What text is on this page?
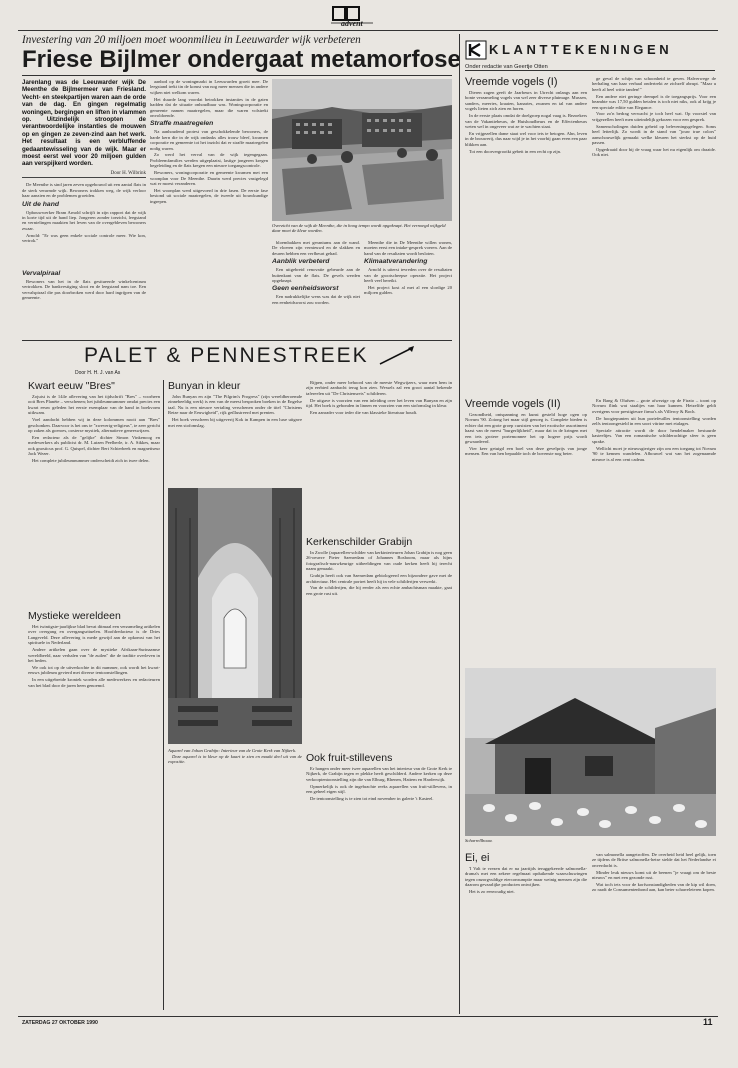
advent
Investering van 20 miljoen moet woonmilieu in Leeuwarder wijk verbeteren
Friese Bijlmer ondergaat metamorfose
Jarenlang was de Leeuwarder wijk De Meenthe de Bijlmermeer van Friesland. Vecht- en steekpartijen waren aan de orde van de dag. En gingen regelmatig woningen, bergingen en liften in vlammen op. Uitzindelijk stroopten de verantwoordelijke instanties de mouwen op en gingen ze zeven-zind aan het werk. Het resultaat is een verbluffende gedaantewisseling van de wijk. Maar er moest eerst wel voor 20 miljoen gulden aan verspijkerd worden.
Door H. Wilbrink

De Meenthe is sind jaren zeven opgebouwd uit een aantal flats in de sterk verarmde wijk. Bewoners trokken weg, de wijk verloor haar aanzien en de problemen groeiden.

Uit de hand

Opbouwwerker Bram Arnold schrijft in zijn rapport dat de wijk in korte tijd uit de hand liep. Jongeren zonder toezicht, leegstand en vernielingen maakten het leven van de overgebleven bewoners zwaar.

Arnold: "Er was geen enkele sociale controle meer. Wie kon, vertrok."

Vervalpiraal

Bewoners van het in de flats gesitueerde winkelcentrum vertrokken. De bankvestiging sloot en de leegstand nam toe. Een vervalspiraal die pas doorbroken werd door hard ingrijpen van de gemeente.

aanbod op de woningmarkt in Leeuwarden groeit mee. De leegstand trekt tin de komst van nog meer mensen die in andere wijken niet welkom waren.

Het duurde lang voordat betrokken instanties in de gaten hadden dat de situatie onhoudbaar was. Woningcorporatie en gemeente namen maatregelen, maar die waren volstrekt onvoldoende.

Straffe maatregelen

Na aanhoudend protest van geschokkelende bewoners, de harde kern die in de wijk ondanks alles trouw bleef, kwamen corporatie en gemeente tot het inzicht dat er straffe maatregelen nodig waren.

Zo werd het verval van de wijk tegengegaan. Probleemfamilies werden uitgeplaatst, lastige jongeren kregen begeleiding en de flats kregen een nieuwe toegangscontrole.

Bewoners, woningcorporatie en gemeente kwamen met een woonplan voor De Meenthe. Daarin werd precies vastgelegd wat er moest veranderen.

Het woonplan werd uitgevoerd in drie fasen. De eerste fase bestond uit sociale maatregelen, de tweede uit bouwkundige ingrepen.

Overzicht van de wijk de Meenthe, die in hoog tempo wordt opgeknapt. Het vernoegd wijkgeld daar moet de kleur worden.

bloembakken met geraniums aan de wand. De vloeren zijn vernieuwd en de slakken en deuren hebben een verfbeurt gehad.

Aanblik verbeterd

Een uitgebreid renovatie gebeurde aan de buitenkant van de flats. De gevels werden opgeknapt.

Geen eenheidsworst

Een nadrukkelijke wens was dat de wijk niet een eenheidsworst zou worden.

Meenthe die in De Meenthe willen wonen, moeten eerst een intake-gesprek voeren. Aan de hand van de resultaten wordt besloten.

Klimaatverandering

Arnold is uiterst tevreden over de resultaten van de grootscheepse operatie. Het project heeft veel bereikt.

Het project kost al met al een slordige 20 miljoen gulden.

KLANTTEKENINGEN
Onder redactie van Geertje Otten
Vreemde vogels (I)

Dieren zagen geeft de Jaarbeurs in Utrecht onlangs aan een bonte verzameling vogels van wel zeer diverse pluimage. Mussen, sanders, meeries, kraaien, kanaries, zwanen en tal van andere vogels lieten zich zien en horen.

In de eerste plaats omdat de doelgroep nogal vaag is. Bezoekers van de Vakantiebeurs, de Huishoudbeurs en de Effectenbeurs weten wel in ongeveer wat ze te wachten staat.

En vrijgezellen dame staat wel voor iets te betogen. Ahn, leven in de brouwerij, dus naar wijd je in het voorbij gaan even een paar blikken aan.

Tot een doorvergrootkt gebeit in een recht op zijn.

ge geval de schijn van schoonheid te geven. Halverwege de herhaling van haar verhaal ondertrekt ze zichzelf abrupt. "Maar u heeft al heel witte tanden!"

Een andere niet geringe drempel is de toegangsprijs. Voor een beambte was 17,50 gulden betalen is toch niet niks, ook al krijg je een speciale editie van Elegance.

Voor zo'n bedrag verwacht je toch heel wat. Op voorstel van vrijgezellen heeft men uiteindelijk gekozen voor een gesprek.

Samenscholingen duiden geheid op beleveningsgelegen. Soms heel letterlijk. Zo wordt in de stand van "jouw true colors" aanschouwelijk gemaakt welke kleuren het sterkst op de huid passen.

Opgedraaid door bij de vraag waar het nu eigenlijk om draaide. Ook niet.

Vreemde vogels (II)

Gezondheid, ontspanning en kunst gesteld hoge ogen op Novum '90. Zoiong het maar stijl genoeg is. Complete bieden is echter dat een grote groep cursisten van het exotische assortiment haast van de meest "burgerlijkheid", maar dat in de kringen met een iets grotere portemonnee het op hogere prijs wordt gewaardeerd.

Vier keer getuigd een boel van deze gevelprijs van jonge mensen. Een van hen bepaalde toch de bovenste nog beter.

En Bang & Olufsen – grote afwezige op de Firato – toont op Novum flink wat staaltjes van haar kunnen. Hetzelfde geldt overigens voor prestigieuze firma's als Villeroy & Boch.

De hoogtepunten uit hun portefeuilles tentoonstelling worden zelfs tentoongesteld in een soort vitrine met etalages.

Speciale attractie wordt de door hendelmaker bestuurde kasteeltjes. Van een romantische schilderachtige sfeer is geen sprake.

Wellicht moet je nieuwsgieriger zijn om een toegang tot Novum '90 te kennen wandelen. Afbouwel wat van het zogenaamde nieuwe is al een cent cadeau.

Scharrellbouw.
Ei, ei

'I Valt te vrezen dat er na jaartijds teruggekeerde salmonella-drama's met een zekere regelmaat opduikende waarschuwingen tegen onzorgvuldige eierconsumptie maar weinig mensen zijn die daarom gevaarlijke producten ontwijken.

Het is zo eenvoudig niet.

van salmonella aangetroffen. De overheid heid heel gelijk, toen ze tijdens de Britse salmonella-hetse stelde dat het Nederlandse ei onverdacht is.

Minder leuk nieuws komt uit de beenen "je vraagt om de beste nieuws" en met een gezonde rust.

Wat toch iets voor de korfsonstandigheden van de kip wil doen, zo raadt de Consumentenbond aan, kan beter scharreleieren kopen.

PALET & PENNESTREEK
Door H. H. J. van As
Kwart eeuw "Bres"

Zojuist is de 144e aflevering van het tijdschrift "Bres" – voorheen ooit Bres Planète – verschenen; het jubileumnummer omdat precies een kwart eeuw geleden het eerste exemplaar van de hand in boekvorm uitkwam.

Voel aandacht hebben wij in deze kolommen nooit aan "Bres" geschonken. Daarvoor is het ons te "zweverig-religieus", te zeer gericht op zaken als goeroes, oosterse mystiek, alternatieve geneeswijzen.

Een redacteur als de "gelijke" dichter Simon Vinkenoog en medewerkers als publicist dr. M. Lutzen Peelberle, ir. A. Sikkes, maar ook gnosticus prof. G. Quispel, dichter Bert Schierbeek en magnetiseur Jack Wezer.

Het complete jubileumnummer onderscheidt zich in twee delen.

Mystieke wereldeen

Het twintigste-jaarlijkse blad bevat ditmaal een verzameling artikelen over overgang en overgangsrituelen. Hoofdredacteur is de Dries Langeveld. Deze aflevering is mede gewijd aan de opkomst van het spirituele in Nederland.

Andere artikelen gaan over de mystieke Afrikaan-Surinaamse wereldbeeld, naar verhalen van "de zuilen" die de traditie overleven in het heden.

We ook tot op de uitverkochte in dit nummer, ook wordt het kwart-eeuws jubileum gevierd met diverse tentoonstellingen.

In een uitgebreide kroniek worden alle medewerkers en redacteuren van het blad door de jaren heen genoemd.

Bunyan in kleur

John Bunyan en zijn "The Pilgrim's Progress" (zijn wereldberoemde zinnebeeldig werk) is een van de meest besproken boeken in de Engelse taal. Nu is een nieuwe vertaling verschenen onder de titel "Christens Reize naar de Eeuwigheid", rijk geïllustreerd met prenten.

Het boek verscheen bij uitgeverij Kok in Kampen in een luxe uitgave met een stofomslag.

Aquarel van Johan Grabijn: Interieur van de Grote Kerk van Nijkerk.

Deze aquarel is in kleur op de kaart te zien en maakt deel uit van de expositie.

Rijpen, onder meer behoord van de meeste Wegwijzers, waar men hem in zijn eerbied aanbacht terug kon zien. Wessels zal een groot aantal bekende tafereelen uit "De Christensreis" schilderen.

De uitgave is voorzien van een inleiding over het leven van Bunyan en zijn tijd. Het boek is gebonden in linnen en voorzien van een stofomslag in kleur.

Een aanrader voor ieder die van klassieke literatuur houdt.

Kerkenschilder Grabijn

In Zwolle (aquarellen-schilder van kerkinterieuren Johan Grabijn is nog geen 26-oeuvre Pieter Saenredam of Johannes Bosboom, maar als hijns fotografisch-nauwkeurige uitbeeldingen van oude kerken heeft hij terecht naam gemaakt.

Grabijn heeft ook van Saenredam gebiologeerd een bijzondere gave met de architectuur. Het centrale portret heeft hij in vele schilderijen verwerkt.

Van de schilderijen, die hij eerder als een echte ambachtsman maakte, gaat een grote rust uit.

Ook fruit-stillevens

Er hangen onder meer twee aquarellen van het interieur van de Grote Kerk te Nijkerk, de Grabijn tegen er plekke heeft geschilderd. Andere kerken op deze verkooptentoonstelling zijn die van Elburg, Rhenen, Hattem en Harderwijk.

Opmerkelijk is ook de ingebrachte reeks aquarellen van fruit-stillevens, in een geheel eigen stijl.

De tentoonstelling is te zien tot eind november in galerie 't Kasteel.

ZATERDAG 27 OKTOBER 1990	11
